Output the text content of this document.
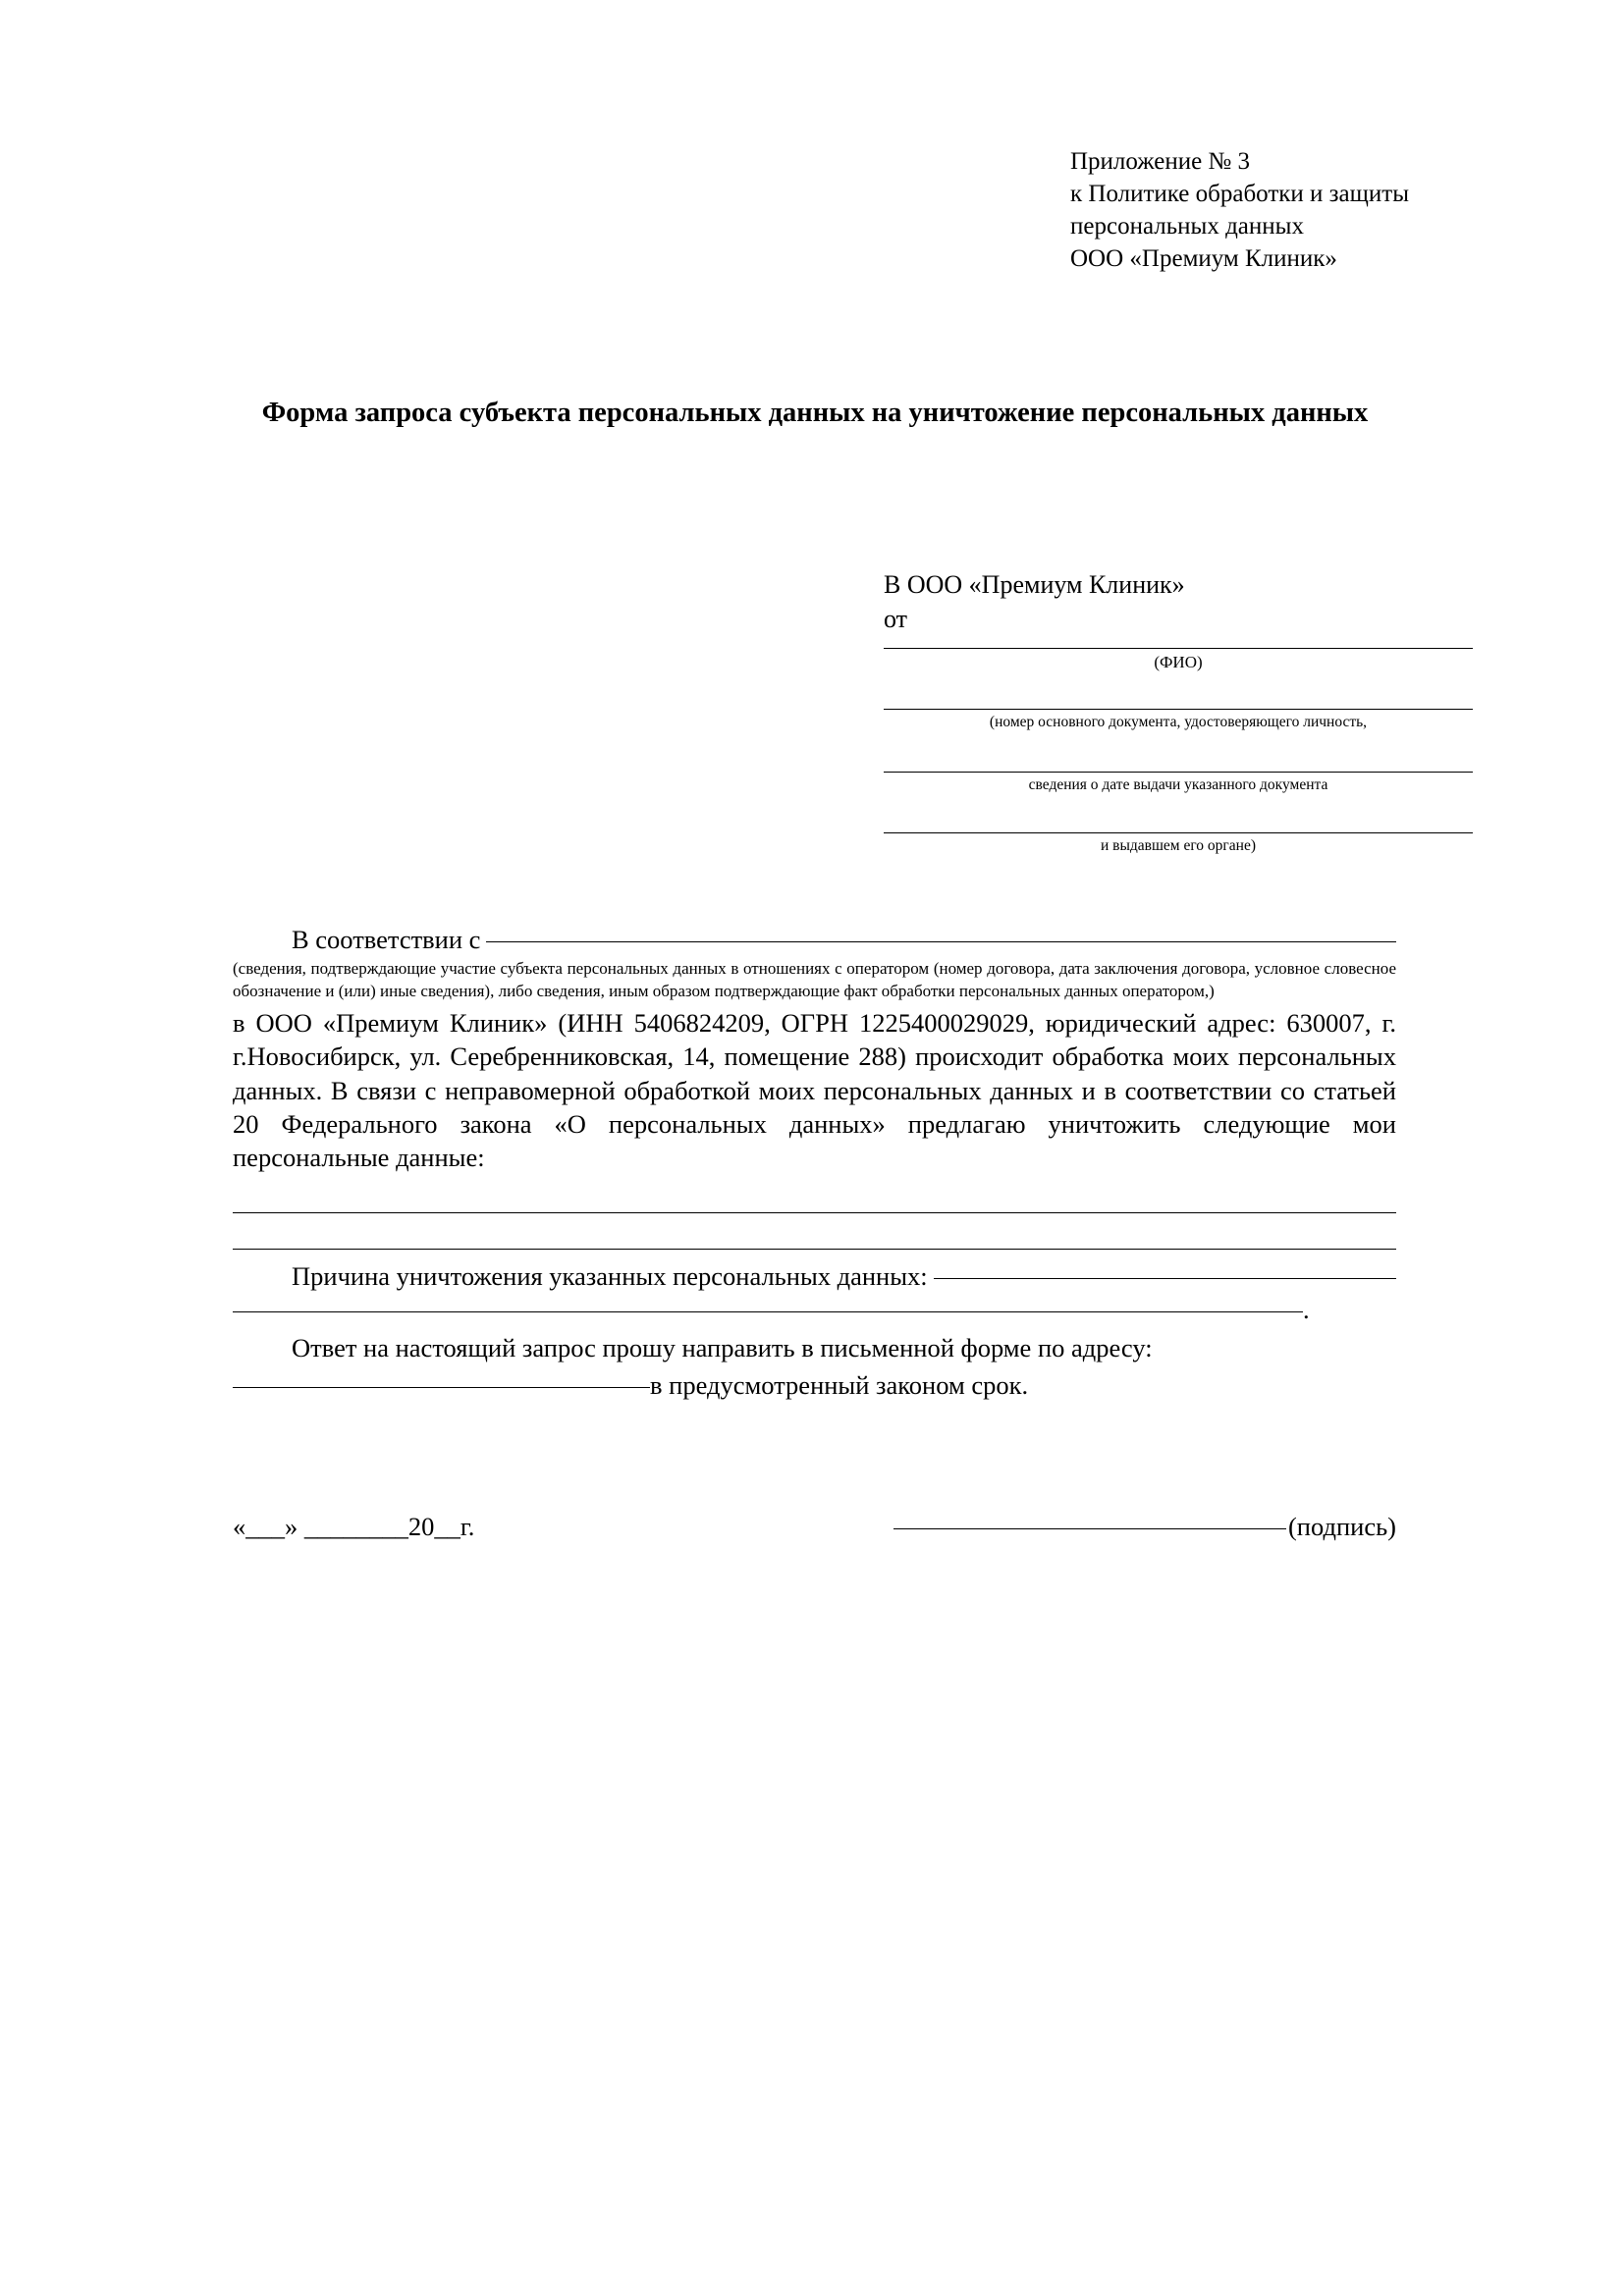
Приложение № 3
к Политике обработки и защиты
персональных данных
ООО «Премиум Клиник»
Форма запроса субъекта персональных данных на уничтожение персональных данных
В ООО «Премиум Клиник»
от
(ФИО)
(номер основного документа, удостоверяющего личность,
сведения о дате выдачи указанного документа
и выдавшем его органе)
В соответствии с
(сведения, подтверждающие участие субъекта персональных данных в отношениях с оператором (номер договора, дата заключения договора, условное словесное обозначение и (или) иные сведения), либо сведения, иным образом подтверждающие факт обработки персональных данных оператором,)
в ООО «Премиум Клиник» (ИНН 5406824209, ОГРН 1225400029029, юридический адрес: 630007, г. г.Новосибирск, ул. Серебренниковская, 14, помещение 288) происходит обработка моих персональных данных. В связи с неправомерной обработкой моих персональных данных и в соответствии со статьей 20 Федерального закона «О персональных данных» предлагаю уничтожить следующие мои персональные данные:
Причина уничтожения указанных персональных данных:
.
Ответ на настоящий запрос прошу направить в письменной форме по адресу:
в предусмотренный законом срок.
«___» ________20__г.	(подпись)
